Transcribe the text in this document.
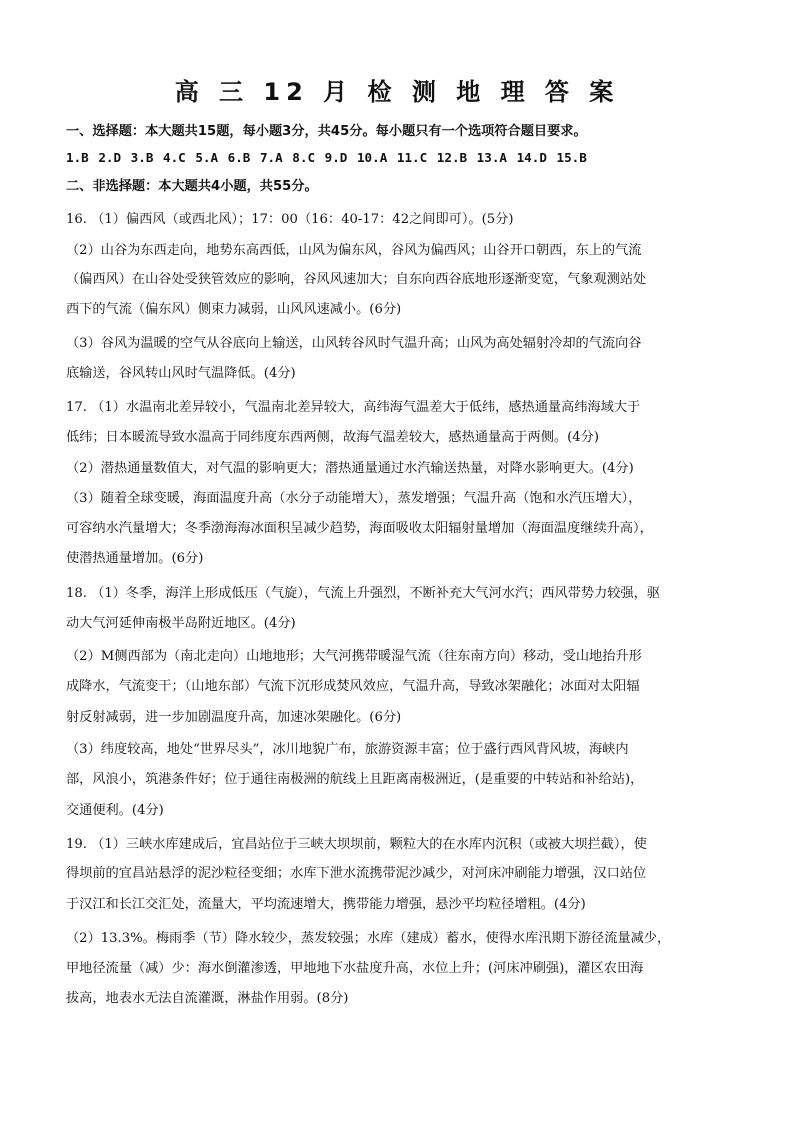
高 三 12 月 检 测 地 理 答 案
一、选择题：本大题共15题，每小题3分，共45分。每小题只有一个选项符合题目要求。
1.B 2.D 3.B 4.C 5.A 6.B 7.A 8.C 9.D 10.A 11.C 12.B 13.A 14.D 15.B
二、非选择题：本大题共4小题，共55分。
16. （1）偏西风（或西北风）；17：00（16：40-17：42之间即可）。(5分)
（2）山谷为东西走向，地势东高西低，山风为偏东风，谷风为偏西风；山谷开口朝西，东上的气流
（偏西风）在山谷处受狭管效应的影响，谷风风速加大；自东向西谷底地形逐渐变宽，气象观测站处
西下的气流（偏东风）侧束力减弱，山风风速减小。(6分)
（3）谷风为温暖的空气从谷底向上输送，山风转谷风时气温升高；山风为高处辐射冷却的气流向谷
底输送，谷风转山风时气温降低。(4分)
17. （1）水温南北差异较小，气温南北差异较大，高纬海气温差大于低纬，感热通量高纬海域大于
低纬；日本暖流导致水温高于同纬度东西两侧，故海气温差较大，感热通量高于两侧。(4分)
（2）潜热通量数值大，对气温的影响更大；潜热通量通过水汽输送热量，对降水影响更大。(4分)
（3）随着全球变暖，海面温度升高（水分子动能增大），蒸发增强；气温升高（饱和水汽压增大），
可容纳水汽量增大；冬季渤海海冰面积呈减少趋势，海面吸收太阳辐射量增加（海面温度继续升高），
使潜热通量增加。(6分)
18. （1）冬季，海洋上形成低压（气旋），气流上升强烈，不断补充大气河水汽；西风带势力较强，驱
动大气河延伸南极半岛附近地区。(4分)
（2）M侧西部为（南北走向）山地地形；大气河携带暖湿气流（往东南方向）移动，受山地抬升形
成降水，气流变干；（山地东部）气流下沉形成焚风效应，气温升高，导致冰架融化；冰面对太阳辐
射反射减弱，进一步加剧温度升高，加速冰架融化。(6分)
（3）纬度较高，地处“世界尽头”，冰川地貌广布，旅游资源丰富；位于盛行西风背风坡，海峡内
部，风浪小，筑港条件好；位于通往南极洲的航线上且距离南极洲近，(是重要的中转站和补给站)，
交通便利。(4分)
19. （1）三峡水库建成后，宜昌站位于三峡大坝坝前，颗粒大的在水库内沉积（或被大坝拦截），使
得坝前的宜昌站悬浮的泥沙粒径变细；水库下泄水流携带泥沙减少，对河床冲刷能力增强，汉口站位
于汉江和长江交汇处，流量大，平均流速增大，携带能力增强，悬沙平均粒径增粗。(4分)
（2）13.3%。梅雨季（节）降水较少，蒸发较强；水库（建成）蓄水，使得水库汛期下游径流量减少，
甲地径流量（减）少：海水倒灌渗透，甲地地下水盐度升高，水位上升；(河床冲刷强)，灌区农田海
拔高，地表水无法自流灌溉，淋盐作用弱。(8分)
